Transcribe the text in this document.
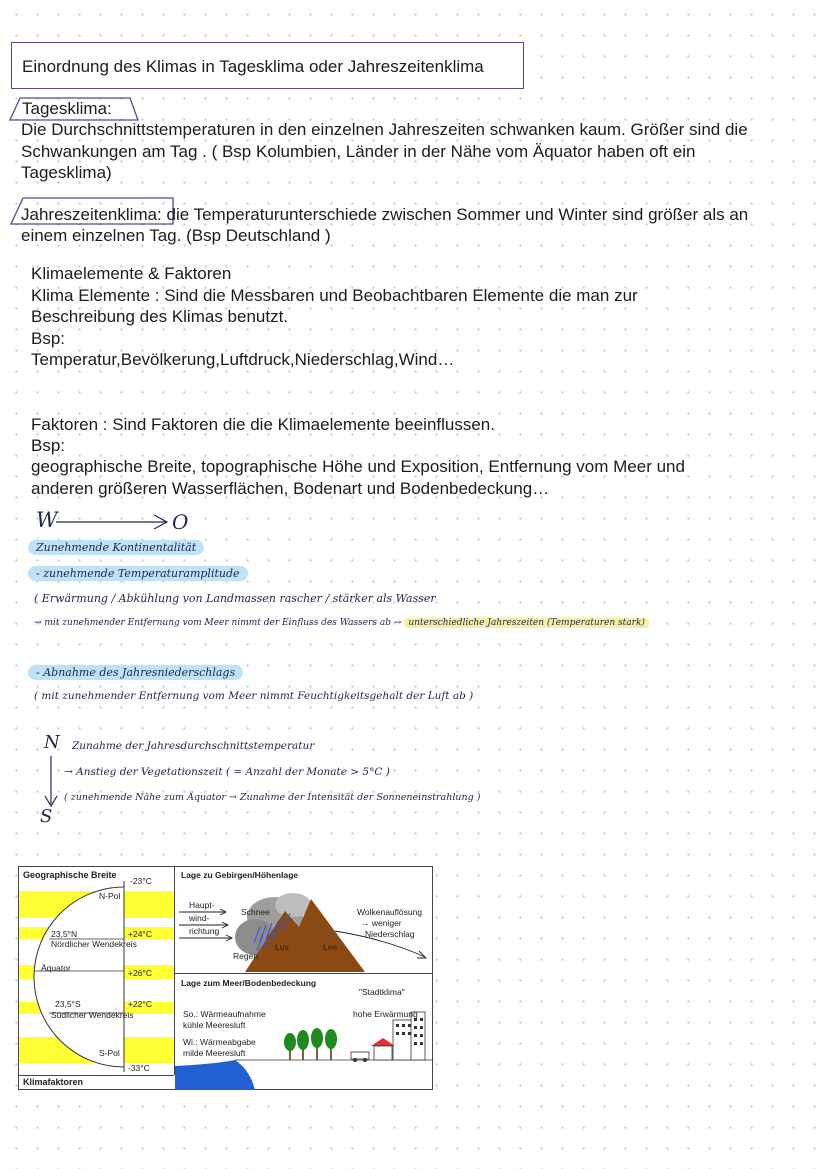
Einordnung des Klimas in Tagesklima oder Jahreszeitenklima
Tagesklima:
Die Durchschnittstemperaturen in den einzelnen Jahreszeiten schwanken kaum. Größer sind die
Schwankungen am Tag . ( Bsp Kolumbien, Länder in der Nähe vom Äquator haben oft ein
Tagesklima)
Jahreszeitenklima: die Temperaturunterschiede zwischen Sommer und Winter sind größer als an
einem einzelnen Tag. (Bsp Deutschland )
Klimaelemente & Faktoren
Klima Elemente : Sind die Messbaren und Beobachtbaren Elemente die man zur
Beschreibung des Klimas benutzt.
Bsp:
Temperatur,Bevölkerung,Luftdruck,Niederschlag,Wind…
Faktoren : Sind Faktoren die die Klimaelemente beeinflussen.
Bsp:
geographische Breite, topographische Höhe und Exposition, Entfernung vom Meer und
anderen größeren Wasserflächen, Bodenart und Bodenbedeckung…
W	O
Zunehmende Kontinentalität
- zunehmende Temperaturamplitude
( Erwärmung / Abkühlung von Landmassen rascher / stärker als Wasser
→ mit zunehmender Entfernung vom Meer nimmt der Einfluss des Wassers ab → unterschiedliche Jahreszeiten (Temperaturen stark)
- Abnahme des Jahresniederschlags
( mit zunehmender Entfernung vom Meer nimmt Feuchtigkeitsgehalt der Luft ab )
N
S
Zunahme der Jahresdurchschnittstemperatur
→ Anstieg der Vegetationszeit ( = Anzahl der Monate > 5°C )
( zunehmende Nähe zum Äquator → Zunahme der Intensität der Sonneneinstrahlung )
Geographische Breite
-23°C
N-Pol
23,5°N	+24°C
Nördlicher Wendekreis
Äquator	+26°C
23,5°S	+22°C
Südlicher Wendekreis
S-Pol
-33°C
Klimafaktoren
Lage zu Gebirgen/Höhenlage
Haupt-
wind-
richtung
Schnee
Regen
Luv	Lee
Wolkenauflösung
→ weniger
Niederschlag
Lage zum Meer/Bodenbedeckung
"Stadtklima"
So.: Wärmeaufnahme
kühle Meeresluft
hohe Erwärmung
Wi.: Wärmeabgabe
milde Meeresluft
